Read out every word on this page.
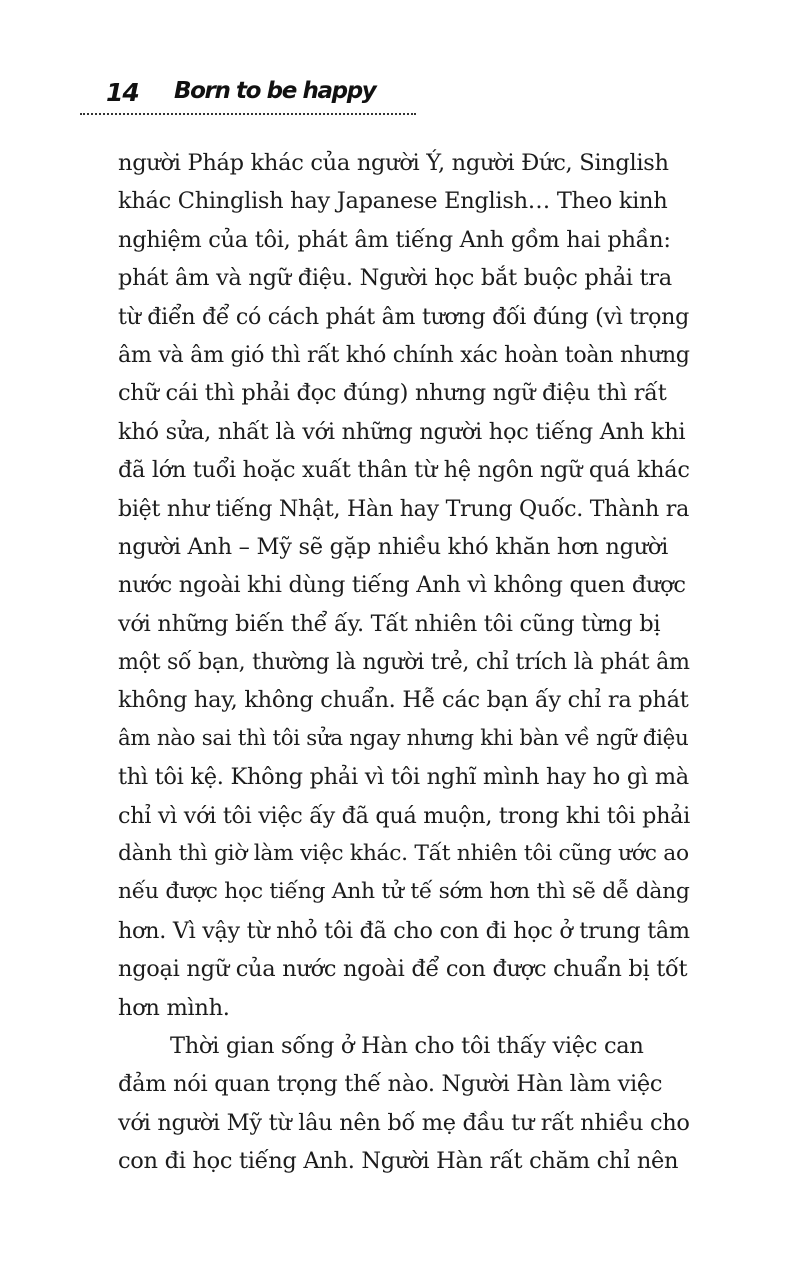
14 Born to be happy
người Pháp khác của người Ý, người Đức, Singlish
khác Chinglish hay Japanese English… Theo kinh
nghiệm của tôi, phát âm tiếng Anh gồm hai phần:
phát âm và ngữ điệu. Người học bắt buộc phải tra
từ điển để có cách phát âm tương đối đúng (vì trọng
âm và âm gió thì rất khó chính xác hoàn toàn nhưng
chữ cái thì phải đọc đúng) nhưng ngữ điệu thì rất
khó sửa, nhất là với những người học tiếng Anh khi
đã lớn tuổi hoặc xuất thân từ hệ ngôn ngữ quá khác
biệt như tiếng Nhật, Hàn hay Trung Quốc. Thành ra
người Anh – Mỹ sẽ gặp nhiều khó khăn hơn người
nước ngoài khi dùng tiếng Anh vì không quen được
với những biến thể ấy. Tất nhiên tôi cũng từng bị
một số bạn, thường là người trẻ, chỉ trích là phát âm
không hay, không chuẩn. Hễ các bạn ấy chỉ ra phát
âm nào sai thì tôi sửa ngay nhưng khi bàn về ngữ điệu
thì tôi kệ. Không phải vì tôi nghĩ mình hay ho gì mà
chỉ vì với tôi việc ấy đã quá muộn, trong khi tôi phải
dành thì giờ làm việc khác. Tất nhiên tôi cũng ước ao
nếu được học tiếng Anh tử tế sớm hơn thì sẽ dễ dàng
hơn. Vì vậy từ nhỏ tôi đã cho con đi học ở trung tâm
ngoại ngữ của nước ngoài để con được chuẩn bị tốt
hơn mình.
Thời gian sống ở Hàn cho tôi thấy việc can
đảm nói quan trọng thế nào. Người Hàn làm việc
với người Mỹ từ lâu nên bố mẹ đầu tư rất nhiều cho
con đi học tiếng Anh. Người Hàn rất chăm chỉ nên
